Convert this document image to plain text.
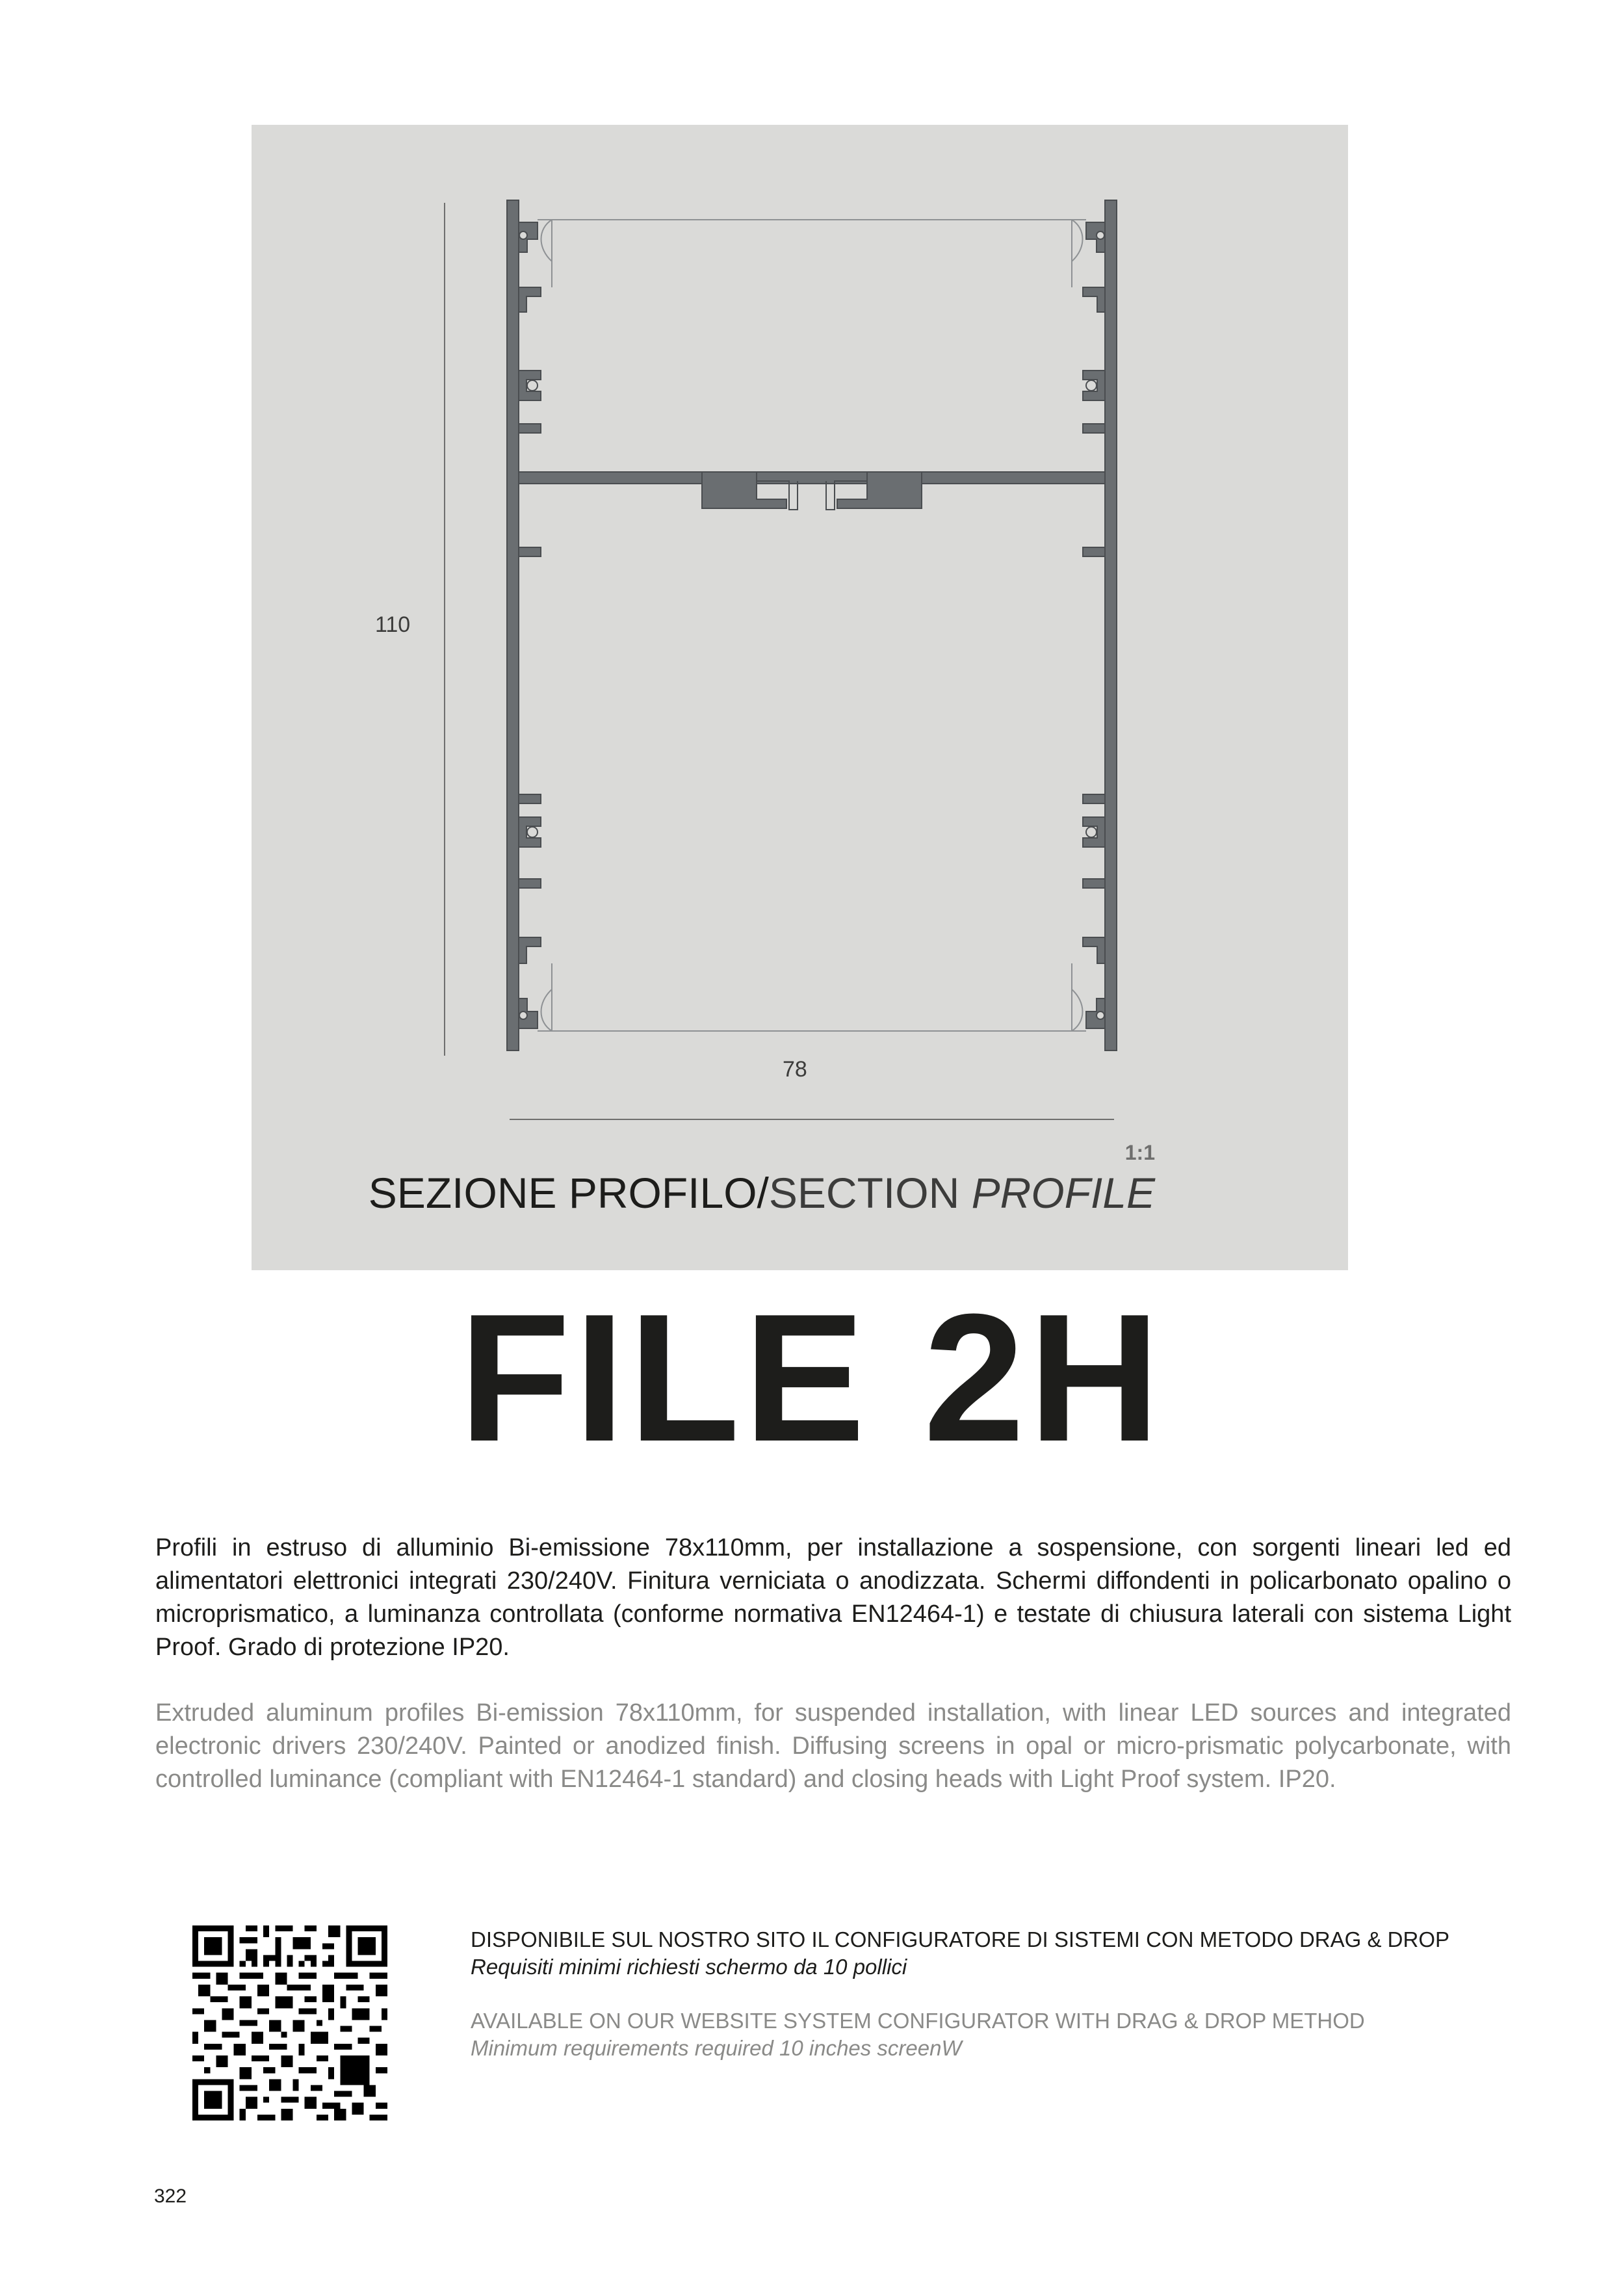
110
78
1:1
SEZIONE PROFILO/SECTION PROFILE
FILE 2H

Profili in estruso di alluminio Bi-emissione 78x110mm, per installazione a sospensione, con sorgenti lineari led ed alimentatori elettronici integrati 230/240V. Finitura verniciata o anodizzata. Schermi diffondenti in policarbonato opalino o microprismatico, a luminanza controllata (conforme normativa EN12464-1) e testate di chiusura laterali con sistema Light Proof. Grado di protezione IP20.

Extruded aluminum profiles Bi-emission 78x110mm, for suspended installation, with linear LED sources and integrated electronic drivers 230/240V. Painted or anodized finish. Diffusing screens in opal or micro-prismatic polycarbonate, with controlled luminance (compliant with EN12464-1 standard) and closing heads with Light Proof system. IP20.

DISPONIBILE SUL NOSTRO SITO IL CONFIGURATORE DI SISTEMI CON METODO DRAG & DROP
Requisiti minimi richiesti schermo da 10 pollici
AVAILABLE ON OUR WEBSITE SYSTEM CONFIGURATOR WITH DRAG & DROP METHOD
Minimum requirements required 10 inches screenW
322
